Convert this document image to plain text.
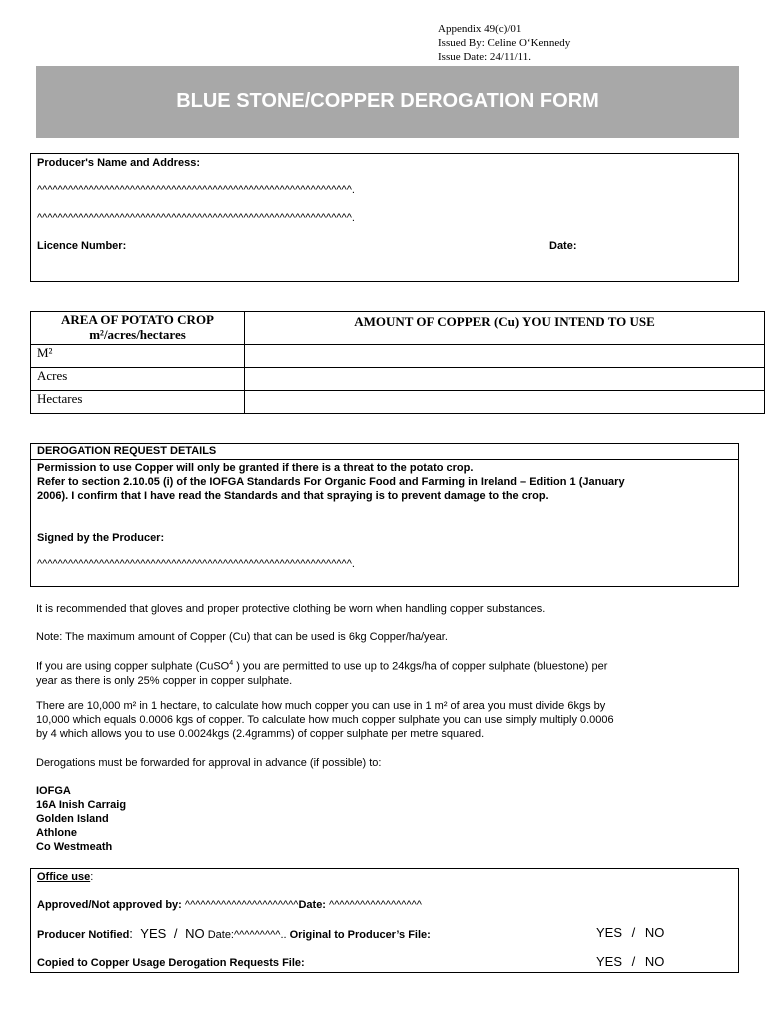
Appendix 49(c)/01
Issued By: Celine O‘Kennedy
Issue Date: 24/11/11.
BLUE STONE/COPPER DEROGATION FORM
Producer's Name and Address:
^^^^^^^^^^^^^^^^^^^^^^^^^^^^^^^^^^^^^^^^^^^^^^^^^^^^^^^^^^^^^.
^^^^^^^^^^^^^^^^^^^^^^^^^^^^^^^^^^^^^^^^^^^^^^^^^^^^^^^^^^^^^.
Licence Number:	Date:
AREA OF POTATO CROP
m²/acres/hectares	AMOUNT OF COPPER (Cu) YOU INTEND TO USE
M²	
Acres	
Hectares	
DEROGATION REQUEST DETAILS
Permission to use Copper will only be granted if there is a threat to the potato crop.
Refer to section 2.10.05 (i) of the IOFGA Standards For Organic Food and Farming in Ireland – Edition 1 (January
2006). I confirm that I have read the Standards and that spraying is to prevent damage to the crop.
Signed by the Producer:
^^^^^^^^^^^^^^^^^^^^^^^^^^^^^^^^^^^^^^^^^^^^^^^^^^^^^^^^^^^^^.
It is recommended that gloves and proper protective clothing be worn when handling copper substances.
Note: The maximum amount of Copper (Cu) that can be used is 6kg Copper/ha/year.
If you are using copper sulphate (CuSO$^4$ ) you are permitted to use up to 24kgs/ha of copper sulphate (bluestone) per
year as there is only 25% copper in copper sulphate.
There are 10,000 m² in 1 hectare, to calculate how much copper you can use in 1 m² of area you must divide 6kgs by
10,000 which equals 0.0006 kgs of copper. To calculate how much copper sulphate you can use simply multiply 0.0006
by 4 which allows you to use 0.0024kgs (2.4gramms) of copper sulphate per metre squared.
Derogations must be forwarded for approval in advance (if possible) to:
IOFGA
16A Inish Carraig
Golden Island
Athlone
Co Westmeath
Office use:
Approved/Not approved by: ^^^^^^^^^^^^^^^^^^^^^^Date: ^^^^^^^^^^^^^^^^^^
Producer Notified: YES / NO Date:^^^^^^^^^.. Original to Producer’s File:	YES / NO
Copied to Copper Usage Derogation Requests File:	YES / NO
